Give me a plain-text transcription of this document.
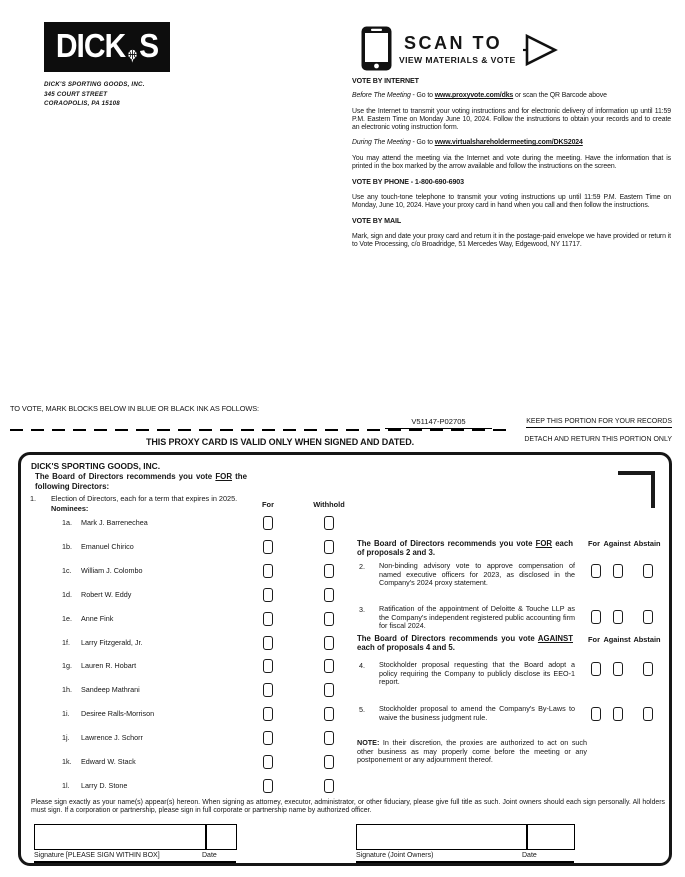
DICK S
DICK'S SPORTING GOODS, INC.
345 COURT STREET
CORAOPOLIS, PA 15108
SCAN TO
VIEW MATERIALS & VOTE

VOTE BY INTERNET

Before The Meeting - Go to www.proxyvote.com/dks or scan the QR Barcode above

Use the Internet to transmit your voting instructions and for electronic delivery of information up until 11:59 P.M. Eastern Time on Monday June 10, 2024. Follow the instructions to obtain your records and to create an electronic voting instruction form.

During The Meeting - Go to www.virtualshareholdermeeting.com/DKS2024

You may attend the meeting via the Internet and vote during the meeting. Have the information that is printed in the box marked by the arrow available and follow the instructions on the screen.

VOTE BY PHONE - 1-800-690-6903

Use any touch-tone telephone to transmit your voting instructions up until 11:59 P.M. Eastern Time on Monday, June 10, 2024. Have your proxy card in hand when you call and then follow the instructions.

VOTE BY MAIL

Mark, sign and date your proxy card and return it in the postage-paid envelope we have provided or return it to Vote Processing, c/o Broadridge, 51 Mercedes Way, Edgewood, NY 11717.

TO VOTE, MARK BLOCKS BELOW IN BLUE OR BLACK INK AS FOLLOWS:
V51147-P02705	KEEP THIS PORTION FOR YOUR RECORDS
THIS PROXY CARD IS VALID ONLY WHEN SIGNED AND DATED.	DETACH AND RETURN THIS PORTION ONLY
DICK'S SPORTING GOODS, INC.
The Board of Directors recommends you vote FOR the following Directors:
1. Election of Directors, each for a term that expires in 2025.
Nominees:	For	Withhold
1a. Mark J. Barrenechea
1b. Emanuel Chirico
1c. William J. Colombo
1d. Robert W. Eddy
1e. Anne Fink
1f. Larry Fitzgerald, Jr.
1g. Lauren R. Hobart
1h. Sandeep Mathrani
1i. Desiree Ralls-Morrison
1j. Lawrence J. Schorr
1k. Edward W. Stack
1l. Larry D. Stone
The Board of Directors recommends you vote FOR each of proposals 2 and 3.
For Against Abstain
2. Non-binding advisory vote to approve compensation of named executive officers for 2023, as disclosed in the Company's 2024 proxy statement.
3. Ratification of the appointment of Deloitte & Touche LLP as the Company's independent registered public accounting firm for fiscal 2024.
The Board of Directors recommends you vote AGAINST each of proposals 4 and 5.
For Against Abstain
4. Stockholder proposal requesting that the Board adopt a policy requiring the Company to publicly disclose its EEO-1 report.
5. Stockholder proposal to amend the Company's By-Laws to waive the business judgment rule.
NOTE: In their discretion, the proxies are authorized to act on such other business as may properly come before the meeting or any postponement or any adjournment thereof.
Please sign exactly as your name(s) appear(s) hereon. When signing as attorney, executor, administrator, or other fiduciary, please give full title as such. Joint owners should each sign personally. All holders must sign. If a corporation or partnership, please sign in full corporate or partnership name by authorized officer.
Signature [PLEASE SIGN WITHIN BOX]	Date	Signature (Joint Owners)	Date
